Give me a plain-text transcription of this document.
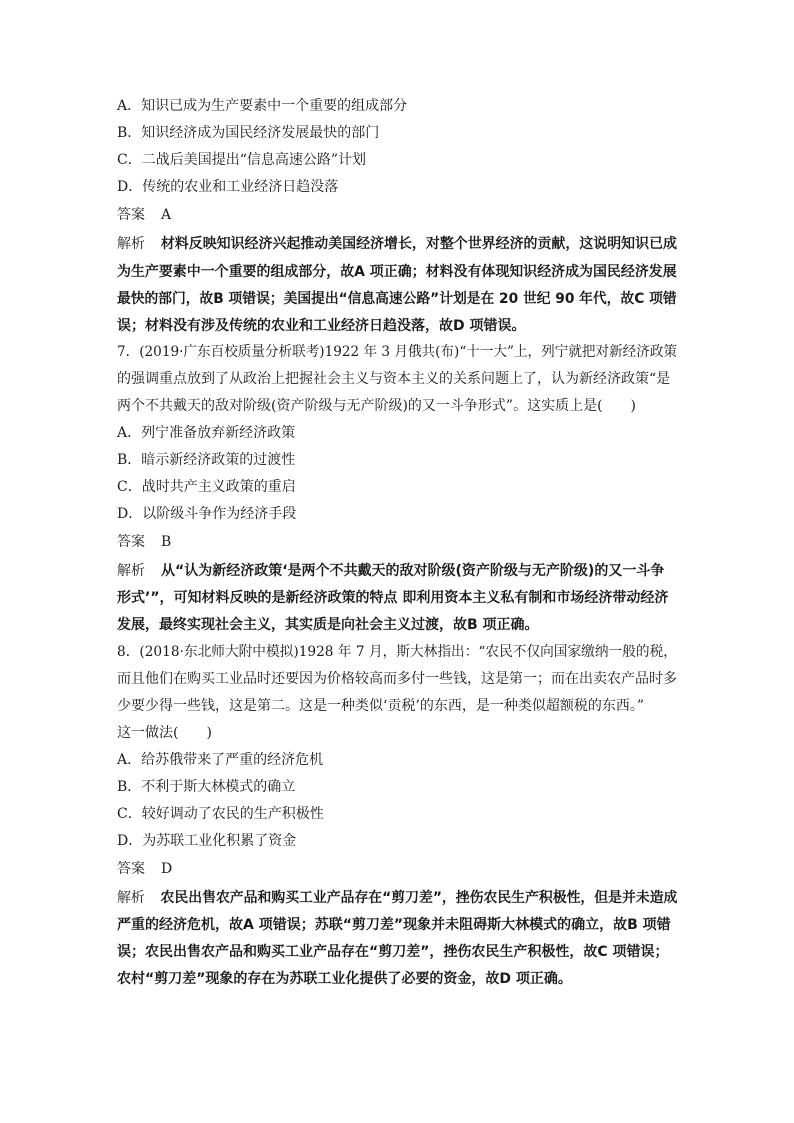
A．知识已成为生产要素中一个重要的组成部分
B．知识经济成为国民经济发展最快的部门
C．二战后美国提出“信息高速公路”计划
D．传统的农业和工业经济日趋没落
答案 A
解析 材料反映知识经济兴起推动美国经济增长，对整个世界经济的贡献，这说明知识已成
为生产要素中一个重要的组成部分，故A 项正确；材料没有体现知识经济成为国民经济发展
最快的部门，故B 项错误；美国提出“信息高速公路”计划是在 20 世纪 90 年代，故C 项错
误；材料没有涉及传统的农业和工业经济日趋没落，故D 项错误。
7．(2019·广东百校质量分析联考)1922 年 3 月俄共(布)“十一大”上，列宁就把对新经济政策
的强调重点放到了从政治上把握社会主义与资本主义的关系问题上了，认为新经济政策“是
两个不共戴天的敌对阶级(资产阶级与无产阶级)的又一斗争形式”。这实质上是(　　)
A．列宁准备放弃新经济政策
B．暗示新经济政策的过渡性
C．战时共产主义政策的重启
D．以阶级斗争作为经济手段
答案 B
解析 从“认为新经济政策‘是两个不共戴天的敌对阶级(资产阶级与无产阶级)的又一斗争
形式’”，可知材料反映的是新经济政策的特点 即利用资本主义私有制和市场经济带动经济
发展，最终实现社会主义，其实质是向社会主义过渡，故B 项正确。
8．(2018·东北师大附中模拟)1928 年 7 月，斯大林指出：“农民不仅向国家缴纳一般的税，
而且他们在购买工业品时还要因为价格较高而多付一些钱，这是第一；而在出卖农产品时多
少要少得一些钱，这是第二。这是一种类似‘贡税’的东西，是一种类似超额税的东西。”
这一做法(　　)
A．给苏俄带来了严重的经济危机
B．不利于斯大林模式的确立
C．较好调动了农民的生产积极性
D．为苏联工业化积累了资金
答案 D
解析 农民出售农产品和购买工业产品存在“剪刀差”，挫伤农民生产积极性，但是并未造成
严重的经济危机，故A 项错误；苏联“剪刀差”现象并未阻碍斯大林模式的确立，故B 项错
误；农民出售农产品和购买工业产品存在“剪刀差”，挫伤农民生产积极性，故C 项错误；
农村“剪刀差”现象的存在为苏联工业化提供了必要的资金，故D 项正确。
